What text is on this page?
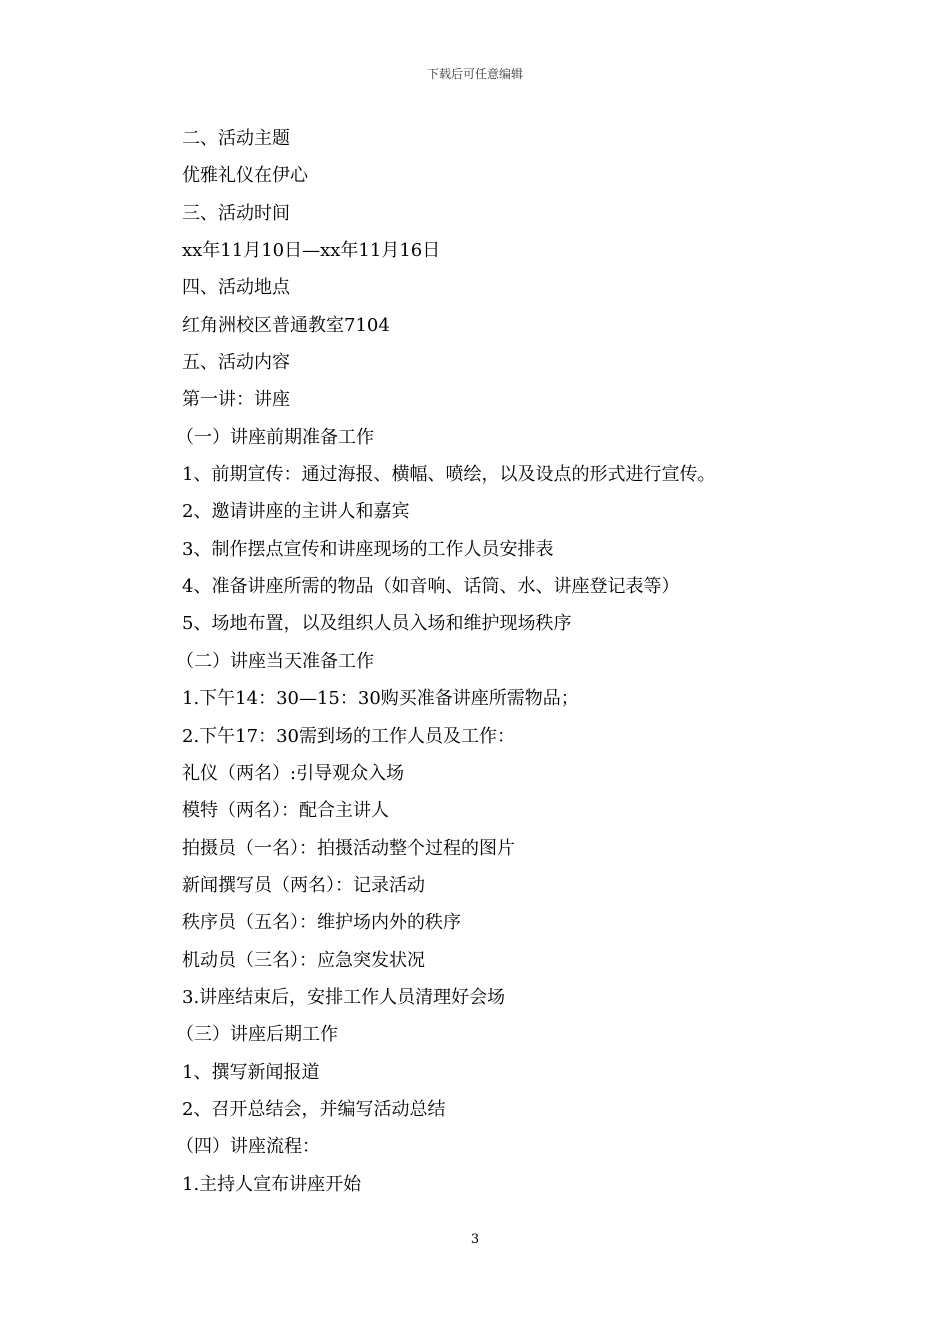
下载后可任意编辑
二、活动主题
优雅礼仪在伊心
三、活动时间
xx年11月10日—xx年11月16日
四、活动地点
红角洲校区普通教室7104
五、活动内容
第一讲：讲座
（一）讲座前期准备工作
1、前期宣传：通过海报、横幅、喷绘，以及设点的形式进行宣传。
2、邀请讲座的主讲人和嘉宾
3、制作摆点宣传和讲座现场的工作人员安排表
4、准备讲座所需的物品（如音响、话筒、水、讲座登记表等）
5、场地布置，以及组织人员入场和维护现场秩序
（二）讲座当天准备工作
1.下午14：30—15：30购买准备讲座所需物品；
2.下午17：30需到场的工作人员及工作：
礼仪（两名）:引导观众入场
模特（两名）：配合主讲人
拍摄员（一名）：拍摄活动整个过程的图片
新闻撰写员（两名）：记录活动
秩序员（五名）：维护场内外的秩序
机动员（三名）：应急突发状况
3.讲座结束后，安排工作人员清理好会场
（三）讲座后期工作
1、撰写新闻报道
2、召开总结会，并编写活动总结
（四）讲座流程：
1.主持人宣布讲座开始
3
